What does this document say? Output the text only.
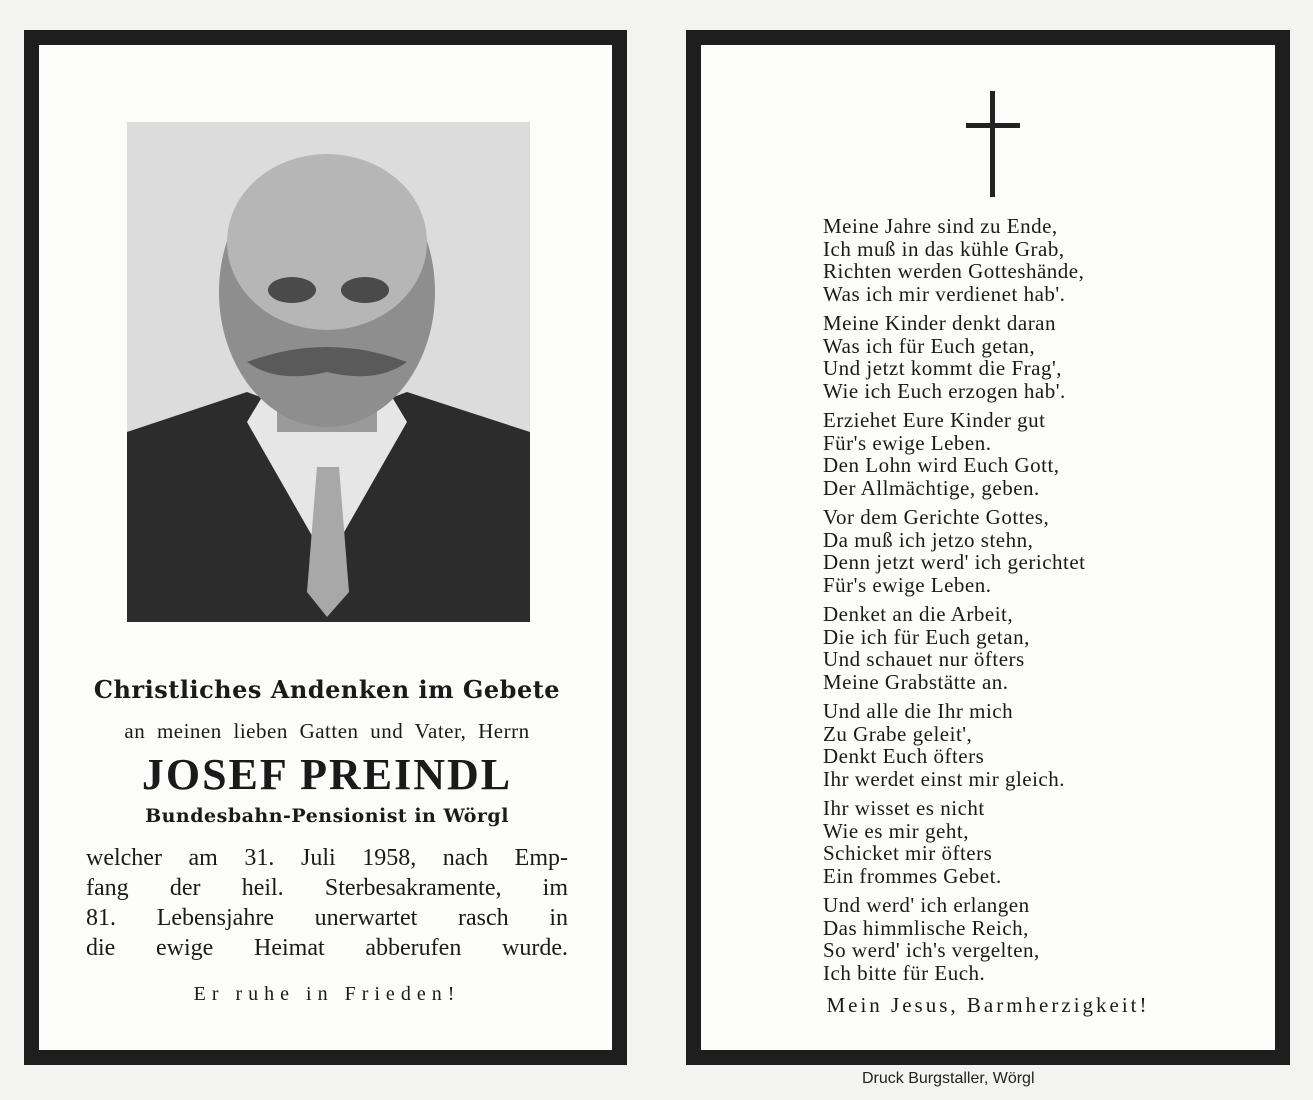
Christliches Andenken im Gebete
an meinen lieben Gatten und Vater, Herrn
JOSEF PREINDL
Bundesbahn-Pensionist in Wörgl
welcher am 31. Juli 1958, nach Emp-
fang der heil. Sterbesakramente, im
81. Lebensjahre unerwartet rasch in
die ewige Heimat abberufen wurde.
Er ruhe in Frieden!
Meine Jahre sind zu Ende,
Ich muß in das kühle Grab,
Richten werden Gotteshände,
Was ich mir verdienet hab'.
Meine Kinder denkt daran
Was ich für Euch getan,
Und jetzt kommt die Frag',
Wie ich Euch erzogen hab'.
Erziehet Eure Kinder gut
Für's ewige Leben.
Den Lohn wird Euch Gott,
Der Allmächtige, geben.
Vor dem Gerichte Gottes,
Da muß ich jetzo stehn,
Denn jetzt werd' ich gerichtet
Für's ewige Leben.
Denket an die Arbeit,
Die ich für Euch getan,
Und schauet nur öfters
Meine Grabstätte an.
Und alle die Ihr mich
Zu Grabe geleit',
Denkt Euch öfters
Ihr werdet einst mir gleich.
Ihr wisset es nicht
Wie es mir geht,
Schicket mir öfters
Ein frommes Gebet.
Und werd' ich erlangen
Das himmlische Reich,
So werd' ich's vergelten,
Ich bitte für Euch.
Mein Jesus, Barmherzigkeit!
Druck Burgstaller, Wörgl
